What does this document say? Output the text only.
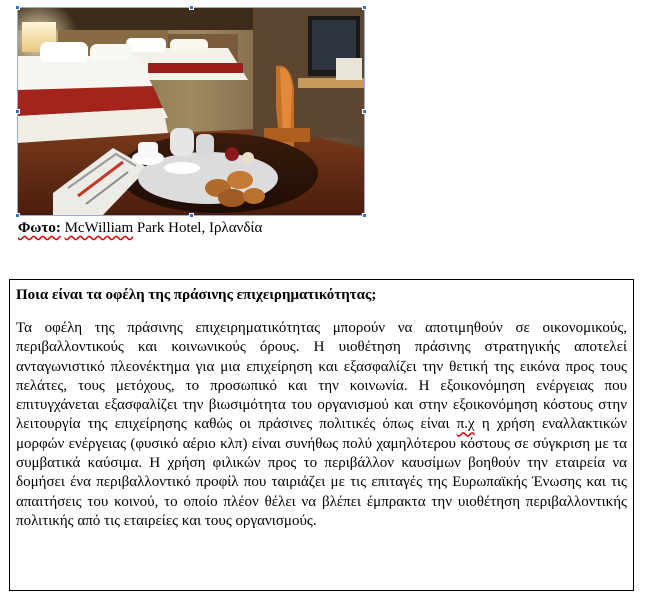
Φωτο: McWilliam Park Hotel, Ιρλανδία

Ποια είναι τα οφέλη της πράσινης επιχειρηματικότητας;

Τα οφέλη της πράσινης επιχειρηματικότητας μπορούν να αποτιμηθούν σε οικονομικούς, περιβαλλοντικούς και κοινωνικούς όρους. Η υιοθέτηση πράσινης στρατηγικής αποτελεί ανταγωνιστικό πλεονέκτημα για μια επιχείρηση και εξασφαλίζει την θετική της εικόνα προς τους πελάτες, τους μετόχους, το προσωπικό και την κοινωνία. Η εξοικονόμηση ενέργειας που επιτυγχάνεται εξασφαλίζει την βιωσιμότητα του οργανισμού και στην εξοικονόμηση κόστους στην λειτουργία της επιχείρησης καθώς οι πράσινες πολιτικές όπως είναι π.χ η χρήση εναλλακτικών μορφών ενέργειας (φυσικό αέριο κλπ) είναι συνήθως πολύ χαμηλότερου κόστους σε σύγκριση με τα συμβατικά καύσιμα. Η χρήση φιλικών προς το περιβάλλον καυσίμων βοηθούν την εταιρεία να δομήσει ένα περιβαλλοντικό προφίλ που ταιριάζει με τις επιταγές της Ευρωπαϊκής Ένωσης και τις απαιτήσεις του κοινού, το οποίο πλέον θέλει να βλέπει έμπρακτα την υιοθέτηση περιβαλλοντικής πολιτικής από τις εταιρείες και τους οργανισμούς.
